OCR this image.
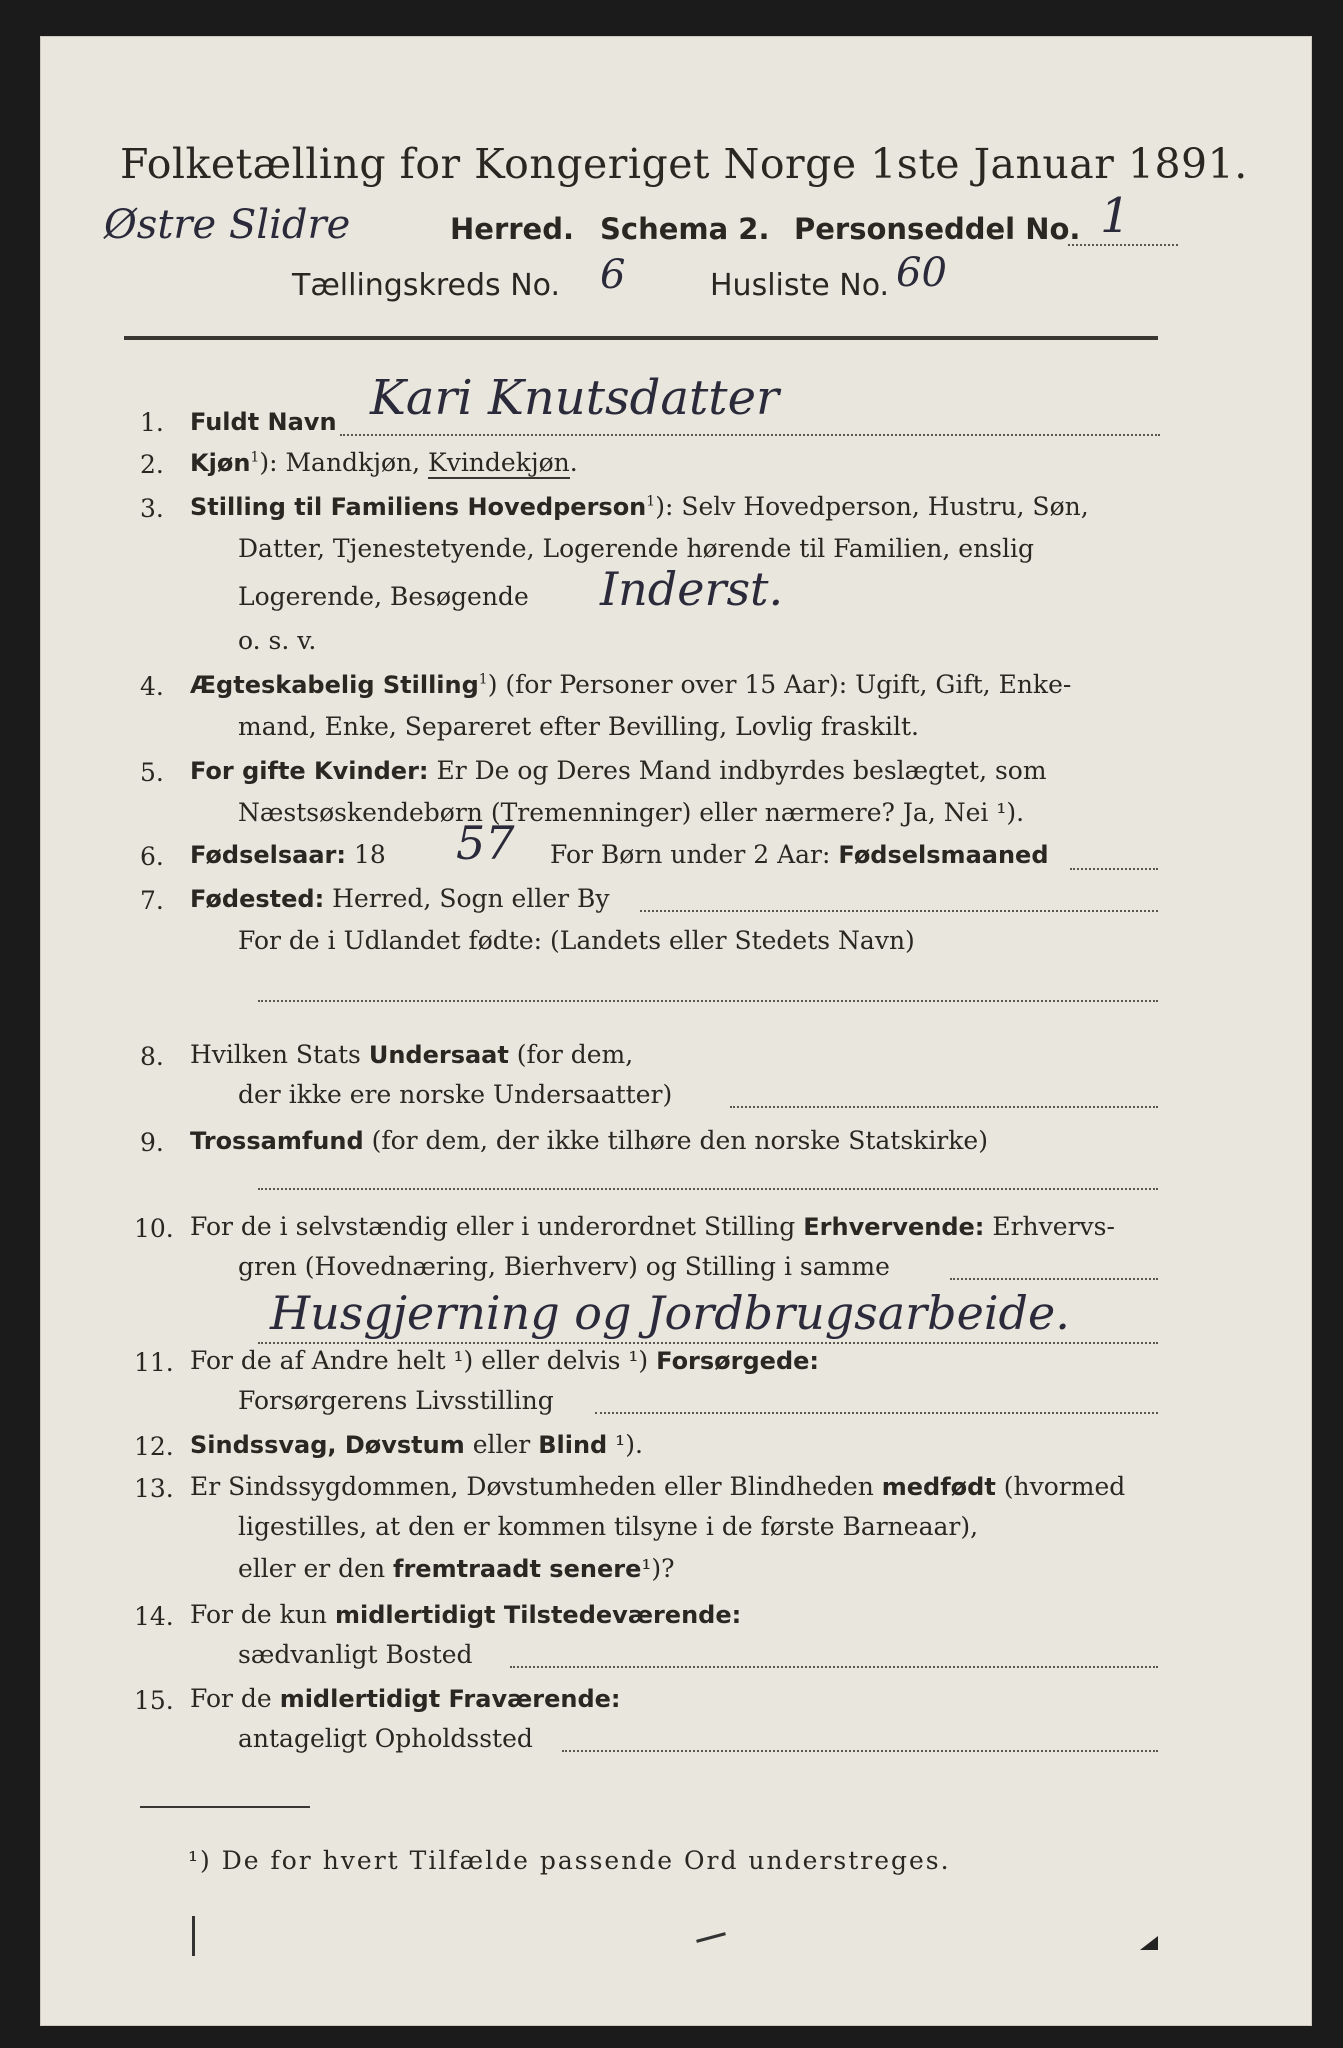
Folketælling for Kongeriget Norge 1ste Januar 1891.
Østre Slidre	Herred. Schema 2. Personseddel No. 1
Tællingskreds No. 6	Husliste No. 60
1. Fuldt Navn Kari Knutsdatter
2. Kjøn$^1$): Mandkjøn, Kvindekjøn.
3. Stilling til Familiens Hovedperson$^1$): Selv Hovedperson, Hustru, Søn,
Datter, Tjenestetyende, Logerende hørende til Familien, enslig
Logerende, Besøgende Inderst.
o. s. v.
4. Ægteskabelig Stilling$^1$) (for Personer over 15 Aar): Ugift, Gift, Enke-
mand, Enke, Separeret efter Bevilling, Lovlig fraskilt.
5. For gifte Kvinder: Er De og Deres Mand indbyrdes beslægtet, som
Næstsøskendebørn (Tremenninger) eller nærmere? Ja, Nei ¹).
6. Fødselsaar: 18 57 For Børn under 2 Aar: Fødselsmaaned
7. Fødested: Herred, Sogn eller By
For de i Udlandet fødte: (Landets eller Stedets Navn)
8. Hvilken Stats Undersaat (for dem,
der ikke ere norske Undersaatter)
9. Trossamfund (for dem, der ikke tilhøre den norske Statskirke)
10. For de i selvstændig eller i underordnet Stilling Erhvervende: Erhvervs-
gren (Hovednæring, Bierhverv) og Stilling i samme
Husgjerning og Jordbrugsarbeide.
11. For de af Andre helt ¹) eller delvis ¹) Forsørgede:
Forsørgerens Livsstilling
12. Sindssvag, Døvstum eller Blind ¹).
13. Er Sindssygdommen, Døvstumheden eller Blindheden medfødt (hvormed
ligestilles, at den er kommen tilsyne i de første Barneaar),
eller er den fremtraadt senere¹)?
14. For de kun midlertidigt Tilstedeværende:
sædvanligt Bosted
15. For de midlertidigt Fraværende:
antageligt Opholdssted
¹) De for hvert Tilfælde passende Ord understreges.
